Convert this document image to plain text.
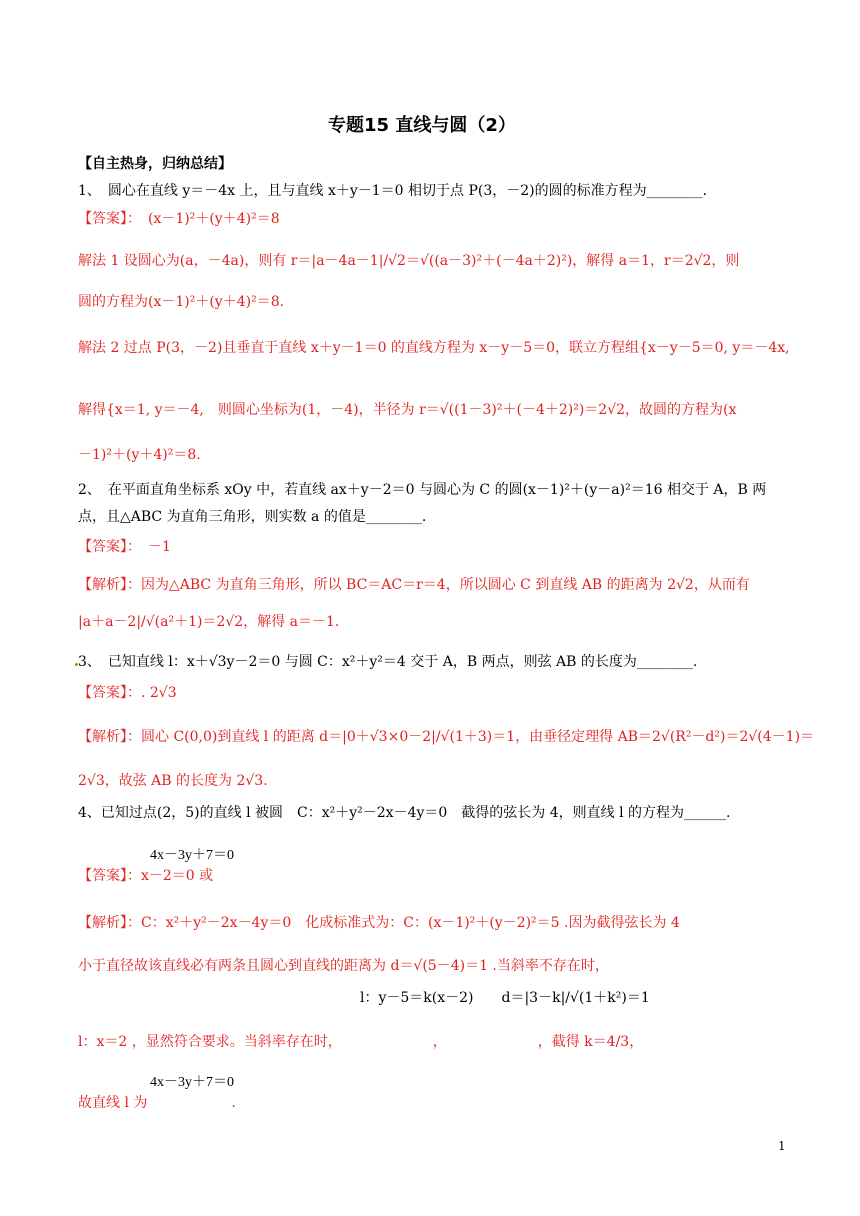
专题15 直线与圆（2）
【自主热身，归纳总结】
1、　圆心在直线 y＝－4x 上，且与直线 x＋y－1＝0 相切于点 P(3，－2)的圆的标准方程为________.
【答案】：　(x－1)²＋(y＋4)²＝8
解法 1 设圆心为(a，－4a)，则有 r＝|a－4a－1|/√2＝√((a－3)²＋(－4a＋2)²)，解得 a＝1，r＝2√2，则
圆的方程为(x－1)²＋(y＋4)²＝8.
解法 2 过点 P(3，－2)且垂直于直线 x＋y－1＝0 的直线方程为 x－y－5＝0，联立方程组{x－y－5＝0, y＝－4x,
解得{x＝1, y＝－4,　则圆心坐标为(1，－4)，半径为 r＝√((1－3)²＋(－4＋2)²)＝2√2，故圆的方程为(x
－1)²＋(y＋4)²＝8.
2、　在平面直角坐标系 xOy 中，若直线 ax＋y－2＝0 与圆心为 C 的圆(x－1)²＋(y－a)²＝16 相交于 A，B 两
点，且△ABC 为直角三角形，则实数 a 的值是________.
【答案】：　－1
【解析】：因为△ABC 为直角三角形，所以 BC＝AC＝r＝4，所以圆心 C 到直线 AB 的距离为 2√2，从而有
|a＋a－2|/√(a²＋1)＝2√2，解得 a＝－1.
3、　已知直线 l：x＋√3y－2＝0 与圆 C：x²＋y²＝4 交于 A，B 两点，则弦 AB 的长度为________.
【答案】：. 2√3
【解析】：圆心 C(0,0)到直线 l 的距离 d＝|0＋√3×0－2|/√(1＋3)＝1，由垂径定理得 AB＝2√(R²－d²)＝2√(4－1)＝
2√3，故弦 AB 的长度为 2√3.
4、已知过点(2，5)的直线 l 被圆　C：x²＋y²－2x－4y＝0　截得的弦长为 4，则直线 l 的方程为______.
4x－3y＋7＝0
【答案】：x－2＝0 或
【解析】：C：x²＋y²－2x－4y＝0　化成标准式为：C：(x－1)²＋(y－2)²＝5 .因为截得弦长为 4
小于直径故该直线必有两条且圆心到直线的距离为 d＝√(5－4)＝1 .当斜率不存在时，
l：y－5＝k(x－2)　　d＝|3－k|/√(1＋k²)＝1
l：x＝2 ，显然符合要求。当斜率存在时，　　　　　　　，　　　　　　　，截得 k＝4/3，
4x－3y＋7＝0
故直线 l 为　　　　　　.
1
